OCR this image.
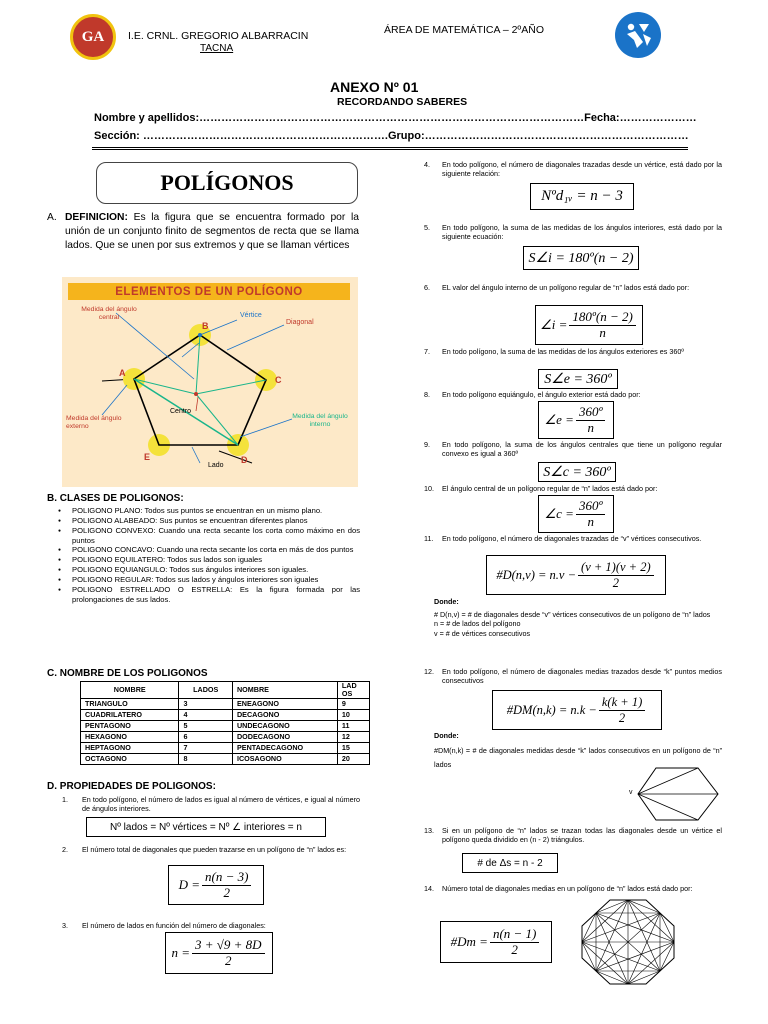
GA I.E. CRNL. GREGORIO ALBARRACIN
TACNA
ÁREA DE MATEMÁTICA – 2ºAÑO
ANEXO Nº 01
RECORDANDO SABERES
Nombre y apellidos:……………………………………………………………………………………………Fecha:…………………
Sección: ………………………………………………………….Grupo:………………………………………………………………
POLÍGONOS
A. DEFINICION: Es la figura que se encuentra formado por la unión de un conjunto finito de segmentos de recta que se llama lados. Que se unen por sus extremos y que se llaman vértices
ELEMENTOS DE UN POLÍGONO
Vértice
Medida del ángulo central
Diagonal
Centro
Medida del ángulo externo
Medida del ángulo interno
Lado
A
B
C
D
E
B. CLASES DE POLIGONOS:
● POLIGONO PLANO: Todos sus puntos se encuentran en un mismo plano.
● POLIGONO ALABEADO: Sus puntos se encuentran diferentes planos
● POLIGONO CONVEXO: Cuando una recta secante los corta como máximo en dos puntos
● POLIGONO CONCAVO: Cuando una recta secante los corta en más de dos puntos
● POLIGONO EQUILATERO: Todos sus lados son iguales
● POLIGONO EQUIANGULO: Todos sus ángulos interiores son iguales.
● POLIGONO REGULAR: Todos sus lados y ángulos interiores son iguales
● POLIGONO ESTRELLADO O ESTRELLA: Es la figura formada por las prolongaciones de sus lados.
C. NOMBRE DE LOS POLIGONOS
NOMBRE	LADOS	NOMBRE	LAD OS
TRIANGULO	3	ENEAGONO	9
CUADRILATERO	4	DECAGONO	10
PENTAGONO	5	UNDECAGONO	11
HEXAGONO	6	DODECAGONO	12
HEPTAGONO	7	PENTADECAGONO	15
OCTAGONO	8	ICOSAGONO	20
D. PROPIEDADES DE POLIGONOS:
1.	En todo polígono, el número de lados es igual al número de vértices, e igual al número de ángulos interiores.
Nº lados = Nº vértices = Nº ∠ interiores = n
2.	El número total de diagonales que pueden trazarse en un polígono de “n” lados es:
$D = \frac{n(n - 3)}{2}$
3.	El número de lados en función del número de diagonales:
$n = \frac{3 + √9 + 8D}{2}$
4.	En todo polígono, el número de diagonales trazadas desde un vértice, está dado por la siguiente relación:
Nºd₁ᵥ = n − 3
5.	En todo polígono, la suma de las medidas de los ángulos interiores, está dado por la siguiente ecuación:
S∠i = 180º(n − 2)
6.	EL valor del ángulo interno de un polígono regular de “n” lados está dado por:
∠i = $\frac{\text{180º(n − 2)}}{n}$
7.	En todo polígono, la suma de las medidas de los ángulos exteriores es 360º
S∠e = 360º
8.	En todo polígono equiángulo, el ángulo exterior está dado por:
∠e = $\frac{\text{360º}}{n}$
9.	En todo polígono, la suma de los ángulos centrales que tiene un polígono regular convexo es igual a 360º
S∠c = 360º
10.	El ángulo central de un polígono regular de “n” lados está dado por:
∠c = $\frac{\text{360º}}{n}$
11.	En todo polígono, el número de diagonales trazadas de “v” vértices consecutivos.
#D(n,v) = $n.v - \frac{(v + 1)(v + 2)}{2}$
Donde:
# D(n,v) = # de diagonales desde “v” vértices consecutivos de un polígono de “n” lados
n = # de lados del polígono
v = # de vértices consecutivos
12.	En todo polígono, el número de diagonales medias trazados desde “k” puntos medios consecutivos
#DM(n,k) = $n.k - \frac{k(k + 1)}{2}$
Donde:
#DM(n,k) = # de diagonales medidas desde “k” lados consecutivos en un polígono de “n” lados
v
13.	Si en un polígono de “n” lados se trazan todas las diagonales desde un vértice el polígono queda dividido en (n - 2) triángulos.
# de Δs = n - 2
14.	Número total de diagonales medias en un polígono de “n” lados está dado por:
#Dm = $\frac{n(n - 1)}{2}$
